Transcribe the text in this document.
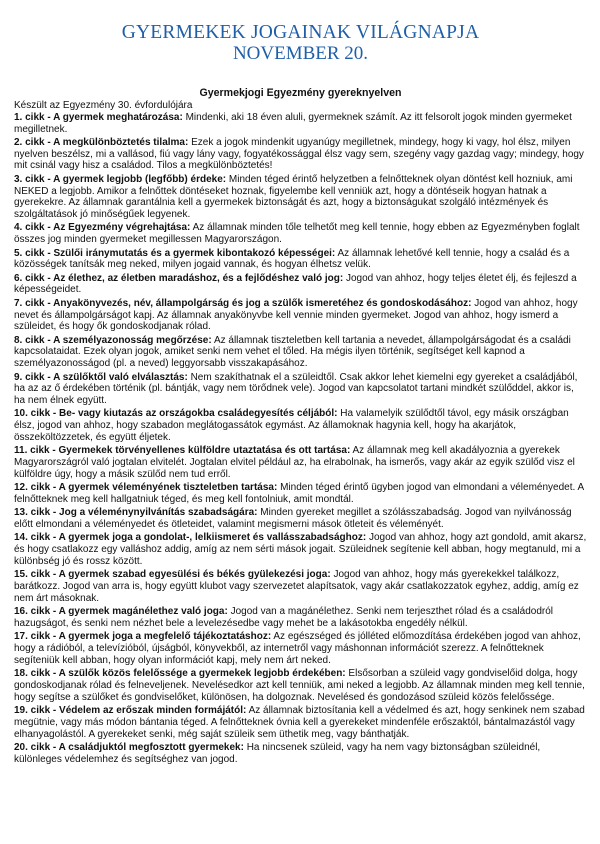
GYERMEKEK JOGAINAK VILÁGNAPJA
NOVEMBER 20.
Gyermekjogi Egyezmény gyereknyelven

Készült az Egyezmény 30. évfordulójára

1. cikk - A gyermek meghatározása: Mindenki, aki 18 éven aluli, gyermeknek számít. Az itt felsorolt jogok minden gyermeket megilletnek.

2. cikk - A megkülönböztetés tilalma: Ezek a jogok mindenkit ugyanúgy megilletnek, mindegy, hogy ki vagy, hol élsz, milyen nyelven beszélsz, mi a vallásod, fiú vagy lány vagy, fogyatékossággal élsz vagy sem, szegény vagy gazdag vagy; mindegy, hogy mit csinál vagy hisz a családod. Tilos a megkülönböztetés!

3. cikk - A gyermek legjobb (legfőbb) érdeke: Minden téged érintő helyzetben a felnőtteknek olyan döntést kell hozniuk, ami NEKED a legjobb. Amikor a felnőttek döntéseket hoznak, figyelembe kell venniük azt, hogy a döntéseik hogyan hatnak a gyerekekre. Az államnak garantálnia kell a gyermekek biztonságát és azt, hogy a biztonságukat szolgáló intézmények és szolgáltatások jó minőségűek legyenek.

4. cikk - Az Egyezmény végrehajtása: Az államnak minden tőle telhetőt meg kell tennie, hogy ebben az Egyezményben foglalt összes jog minden gyermeket megillessen Magyarországon.

5. cikk - Szülői iránymutatás és a gyermek kibontakozó képességei: Az államnak lehetővé kell tennie, hogy a család és a közösségek tanítsák meg neked, milyen jogaid vannak, és hogyan élhetsz velük.

6. cikk - Az élethez, az életben maradáshoz, és a fejlődéshez való jog: Jogod van ahhoz, hogy teljes életet élj, és fejleszd a képességeidet.

7. cikk - Anyakönyvezés, név, állampolgárság és jog a szülők ismeretéhez és gondoskodásához: Jogod van ahhoz, hogy nevet és állampolgárságot kapj. Az államnak anyakönyvbe kell vennie minden gyermeket. Jogod van ahhoz, hogy ismerd a szüleidet, és hogy ők gondoskodjanak rólad.

8. cikk - A személyazonosság megőrzése: Az államnak tiszteletben kell tartania a nevedet, állampolgárságodat és a családi kapcsolataidat. Ezek olyan jogok, amiket senki nem vehet el tőled. Ha mégis ilyen történik, segítséget kell kapnod a személyazonosságod (pl. a neved) leggyorsabb visszakapásához.

9. cikk - A szülőktől való elválasztás: Nem szakíthatnak el a szüleidtől. Csak akkor lehet kiemelni egy gyereket a családjából, ha az az ő érdekében történik (pl. bántják, vagy nem törődnek vele). Jogod van kapcsolatot tartani mindkét szülőddel, akkor is, ha nem élnek együtt.

10. cikk - Be- vagy kiutazás az országokba családegyesítés céljából: Ha valamelyik szülődtől távol, egy másik országban élsz, jogod van ahhoz, hogy szabadon meglátogassátok egymást. Az államoknak hagynia kell, hogy ha akarjátok, összeköltözzetek, és együtt éljetek.

11. cikk - Gyermekek törvényellenes külföldre utaztatása és ott tartása: Az államnak meg kell akadályoznia a gyerekek Magyarországról való jogtalan elvitelét. Jogtalan elvitel például az, ha elrabolnak, ha ismerős, vagy akár az egyik szülőd visz el külföldre úgy, hogy a másik szülőd nem tud erről.

12. cikk - A gyermek véleményének tiszteletben tartása: Minden téged érintő ügyben jogod van elmondani a véleményedet. A felnőtteknek meg kell hallgatniuk téged, és meg kell fontolniuk, amit mondtál.

13. cikk - Jog a véleménynyilvánítás szabadságára: Minden gyereket megillet a szólásszabadság. Jogod van nyilvánosság előtt elmondani a véleményedet és ötleteidet, valamint megismerni mások ötleteit és véleményét.

14. cikk - A gyermek joga a gondolat-, lelkiismeret és vallásszabadsághoz: Jogod van ahhoz, hogy azt gondold, amit akarsz, és hogy csatlakozz egy valláshoz addig, amíg az nem sérti mások jogait. Szüleidnek segítenie kell abban, hogy megtanuld, mi a különbség jó és rossz között.

15. cikk - A gyermek szabad egyesülési és békés gyülekezési joga: Jogod van ahhoz, hogy más gyerekekkel találkozz, barátkozz. Jogod van arra is, hogy együtt klubot vagy szervezetet alapítsatok, vagy akár csatlakozzatok egyhez, addig, amíg ez nem árt másoknak.

16. cikk - A gyermek magánélethez való joga: Jogod van a magánélethez. Senki nem terjeszthet rólad és a családodról hazugságot, és senki nem nézhet bele a levelezésedbe vagy mehet be a lakásotokba engedély nélkül.

17. cikk - A gyermek joga a megfelelő tájékoztatáshoz: Az egészséged és jólléted előmozdítása érdekében jogod van ahhoz, hogy a rádióból, a televízióból, újságból, könyvekből, az internetről vagy máshonnan információt szerezz. A felnőtteknek segíteniük kell abban, hogy olyan információt kapj, mely nem árt neked.

18. cikk - A szülők közös felelőssége a gyermekek legjobb érdekében: Elsősorban a szüleid vagy gondviselőid dolga, hogy gondoskodjanak rólad és felneveljenek. Nevelésedkor azt kell tenniük, ami neked a legjobb. Az államnak minden meg kell tennie, hogy segítse a szülőket és gondviselőket, különösen, ha dolgoznak. Nevelésed és gondozásod szüleid közös felelőssége.

19. cikk - Védelem az erőszak minden formájától: Az államnak biztosítania kell a védelmed és azt, hogy senkinek nem szabad megütnie, vagy más módon bántania téged. A felnőtteknek óvnia kell a gyerekeket mindenféle erőszaktól, bántalmazástól vagy elhanyagolástól. A gyerekeket senki, még saját szüleik sem üthetik meg, vagy bánthatják.

20. cikk - A családjuktól megfosztott gyermekek: Ha nincsenek szüleid, vagy ha nem vagy biztonságban szüleidnél, különleges védelemhez és segítséghez van jogod.
